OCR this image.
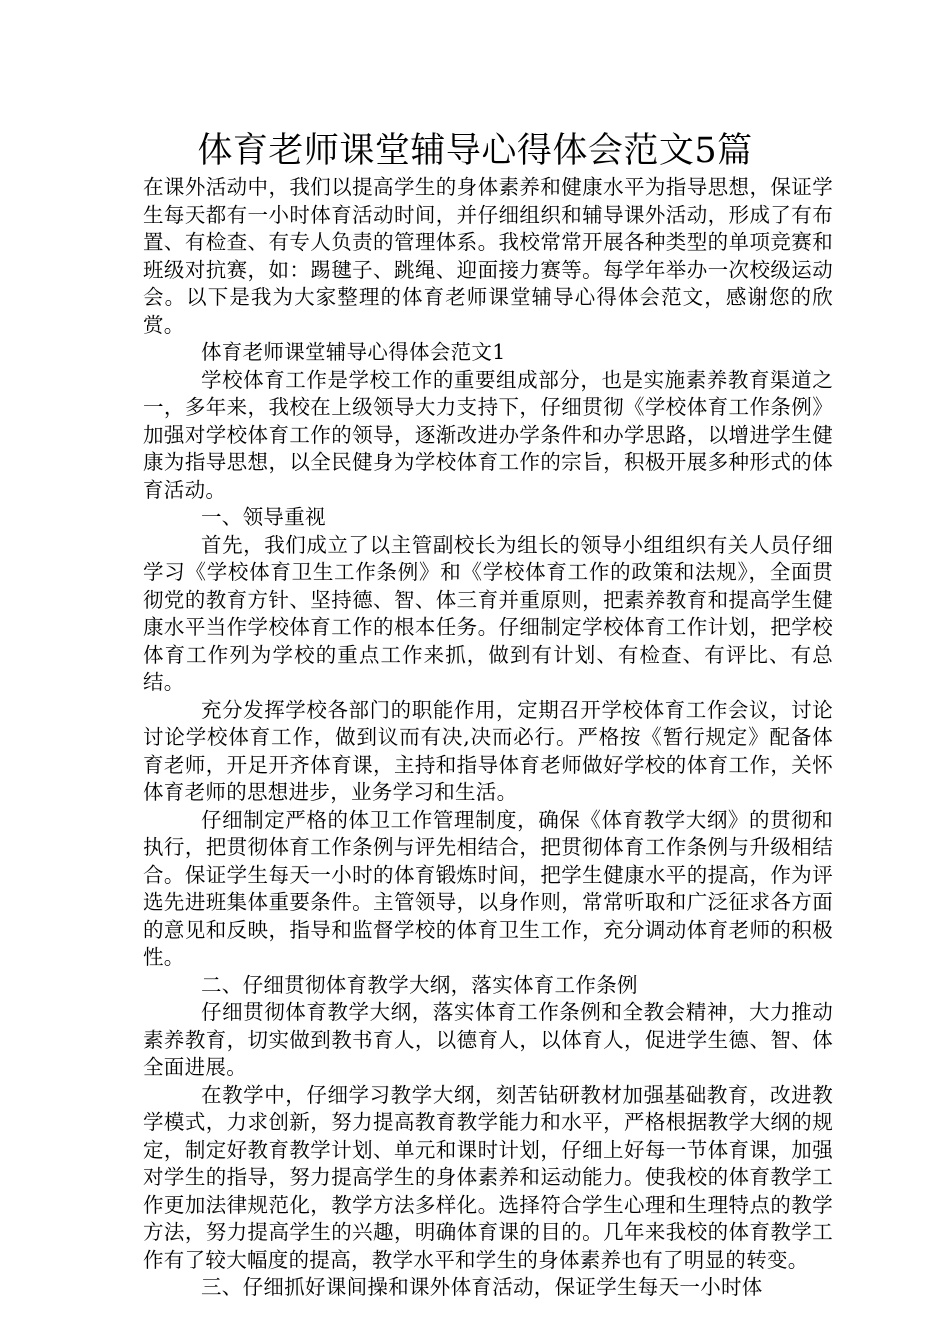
体育老师课堂辅导心得体会范文5篇

在课外活动中，我们以提高学生的身体素养和健康水平为指导思想，保证学生每天都有一小时体育活动时间，并仔细组织和辅导课外活动，形成了有布置、有检查、有专人负责的管理体系。我校常常开展各种类型的单项竞赛和班级对抗赛，如：踢毽子、跳绳、迎面接力赛等。每学年举办一次校级运动会。以下是我为大家整理的体育老师课堂辅导心得体会范文，感谢您的欣赏。

体育老师课堂辅导心得体会范文1

学校体育工作是学校工作的重要组成部分，也是实施素养教育渠道之一，多年来，我校在上级领导大力支持下，仔细贯彻《学校体育工作条例》加强对学校体育工作的领导，逐渐改进办学条件和办学思路，以增进学生健康为指导思想，以全民健身为学校体育工作的宗旨，积极开展多种形式的体育活动。

一、领导重视

首先，我们成立了以主管副校长为组长的领导小组组织有关人员仔细学习《学校体育卫生工作条例》和《学校体育工作的政策和法规》，全面贯彻党的教育方针、坚持德、智、体三育并重原则，把素养教育和提高学生健康水平当作学校体育工作的根本任务。仔细制定学校体育工作计划，把学校体育工作列为学校的重点工作来抓，做到有计划、有检查、有评比、有总结。

充分发挥学校各部门的职能作用，定期召开学校体育工作会议，讨论讨论学校体育工作，做到议而有决,决而必行。严格按《暂行规定》配备体育老师，开足开齐体育课，主持和指导体育老师做好学校的体育工作，关怀体育老师的思想进步，业务学习和生活。

仔细制定严格的体卫工作管理制度，确保《体育教学大纲》的贯彻和执行，把贯彻体育工作条例与评先相结合，把贯彻体育工作条例与升级相结合。保证学生每天一小时的体育锻炼时间，把学生健康水平的提高，作为评选先进班集体重要条件。主管领导，以身作则，常常听取和广泛征求各方面的意见和反映，指导和监督学校的体育卫生工作，充分调动体育老师的积极性。

二、仔细贯彻体育教学大纲，落实体育工作条例

仔细贯彻体育教学大纲，落实体育工作条例和全教会精神，大力推动素养教育，切实做到教书育人，以德育人，以体育人，促进学生德、智、体全面进展。

在教学中，仔细学习教学大纲，刻苦钻研教材加强基础教育，改进教学模式，力求创新，努力提高教育教学能力和水平，严格根据教学大纲的规定，制定好教育教学计划、单元和课时计划，仔细上好每一节体育课，加强对学生的指导，努力提高学生的身体素养和运动能力。使我校的体育教学工作更加法律规范化，教学方法多样化。选择符合学生心理和生理特点的教学方法，努力提高学生的兴趣，明确体育课的目的。几年来我校的体育教学工作有了较大幅度的提高，教学水平和学生的身体素养也有了明显的转变。

三、仔细抓好课间操和课外体育活动，保证学生每天一小时体
